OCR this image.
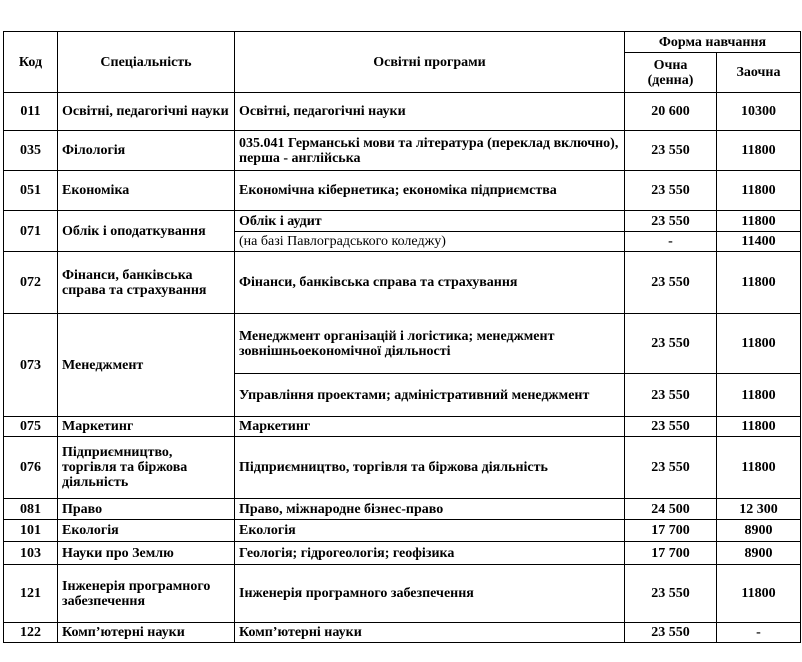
Код	Спеціальність	Освітні програми	Форма навчання	
			Очна (денна)	Заочна
011	Освітні, педагогічні науки	Освітні, педагогічні науки	20 600	10300
035	Філологія	035.041 Германські мови та література (переклад включно), перша - англійська	23 550	11800
051	Економіка	Економічна кібернетика; економіка підприємства	23 550	11800
071	Облік і оподаткування	Облік і аудит	23 550	11800
		(на базі Павлоградського коледжу)	-	11400
072	Фінанси, банківська справа та страхування	Фінанси, банківська справа та страхування	23 550	11800
073	Менеджмент	Менеджмент організацій і логістика; менеджмент зовнішньоекономічної діяльності	23 550	11800
		Управління проектами; адміністративний менеджмент	23 550	11800
075	Маркетинг	Маркетинг	23 550	11800
076	Підприємництво, торгівля та біржова діяльність	Підприємництво, торгівля та біржова діяльність	23 550	11800
081	Право	Право, міжнародне бізнес-право	24 500	12 300
101	Екологія	Екологія	17 700	8900
103	Науки про Землю	Геологія; гідрогеологія; геофізика	17 700	8900
121	Інженерія програмного забезпечення	Інженерія програмного забезпечення	23 550	11800
122	Комп’ютерні науки	Комп’ютерні науки	23 550	-
